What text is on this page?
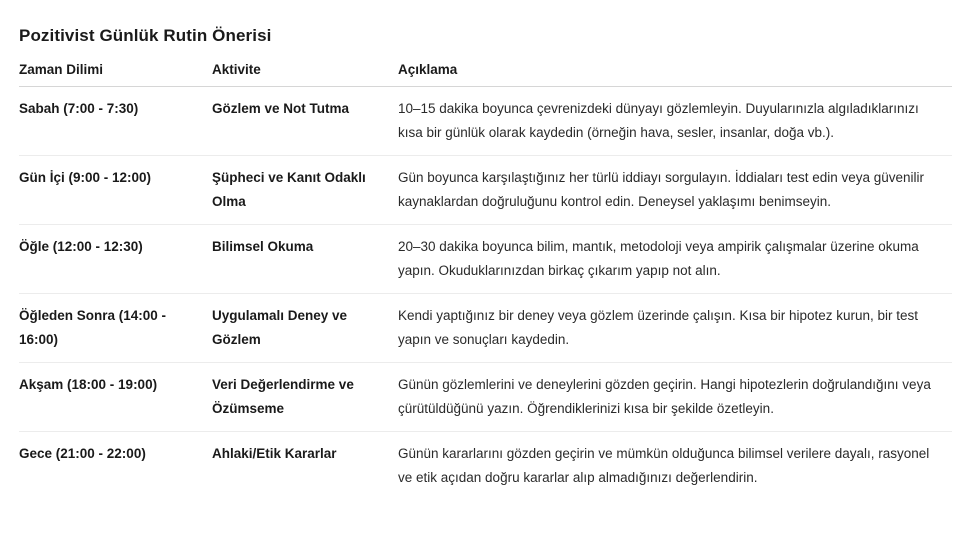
Pozitivist Günlük Rutin Önerisi
Zaman Dilimi	Aktivite	Açıklama
Sabah (7:00 - 7:30)	Gözlem ve Not Tutma	10–15 dakika boyunca çevrenizdeki dünyayı gözlemleyin. Duyularınızla algıladıklarınızı kısa bir günlük olarak kaydedin (örneğin hava, sesler, insanlar, doğa vb.).
Gün İçi (9:00 - 12:00)	Şüpheci ve Kanıt Odaklı Olma	Gün boyunca karşılaştığınız her türlü iddiayı sorgulayın. İddiaları test edin veya güvenilir kaynaklardan doğruluğunu kontrol edin. Deneysel yaklaşımı benimseyin.
Öğle (12:00 - 12:30)	Bilimsel Okuma	20–30 dakika boyunca bilim, mantık, metodoloji veya ampirik çalışmalar üzerine okuma yapın. Okuduklarınızdan birkaç çıkarım yapıp not alın.
Öğleden Sonra (14:00 - 16:00)	Uygulamalı Deney ve Gözlem	Kendi yaptığınız bir deney veya gözlem üzerinde çalışın. Kısa bir hipotez kurun, bir test yapın ve sonuçları kaydedin.
Akşam (18:00 - 19:00)	Veri Değerlendirme ve Özümseme	Günün gözlemlerini ve deneylerini gözden geçirin. Hangi hipotezlerin doğrulandığını veya çürütüldüğünü yazın. Öğrendiklerinizi kısa bir şekilde özetleyin.
Gece (21:00 - 22:00)	Ahlaki/Etik Kararlar	Günün kararlarını gözden geçirin ve mümkün olduğunca bilimsel verilere dayalı, rasyonel ve etik açıdan doğru kararlar alıp almadığınızı değerlendirin.
